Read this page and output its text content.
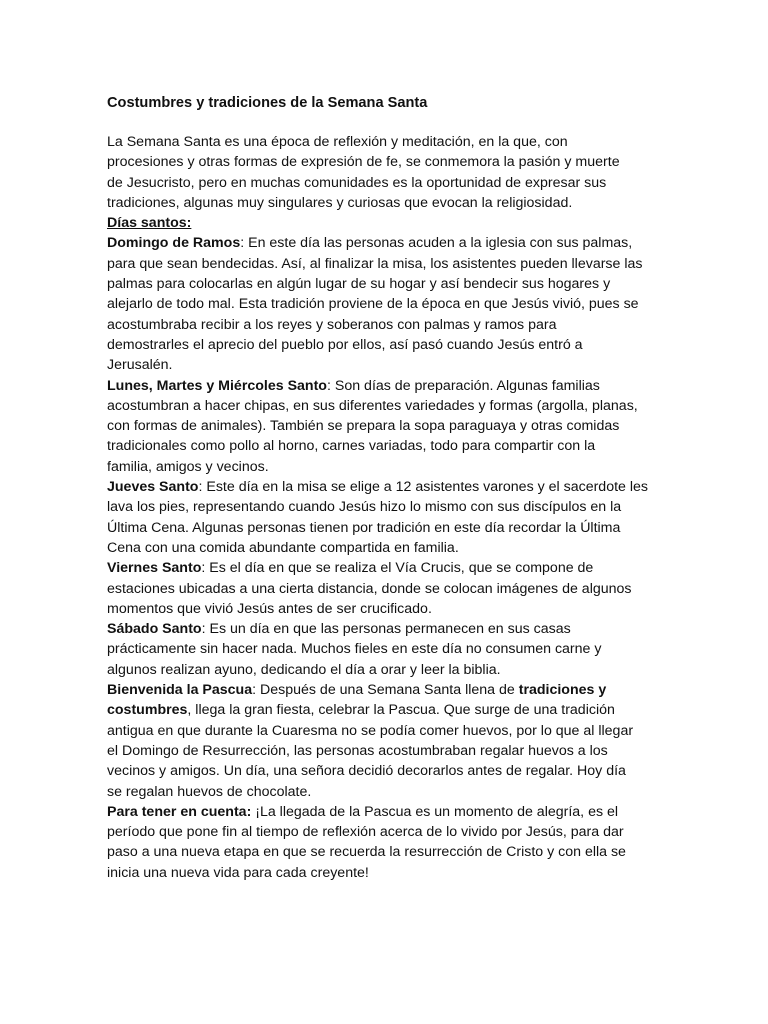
Costumbres y tradiciones de la Semana Santa
La Semana Santa es una época de reflexión y meditación, en la que, con
procesiones y otras formas de expresión de fe, se conmemora la pasión y muerte
de Jesucristo, pero en muchas comunidades es la oportunidad de expresar sus
tradiciones, algunas muy singulares y curiosas que evocan la religiosidad.
Días santos:
Domingo de Ramos: En este día las personas acuden a la iglesia con sus palmas,
para que sean bendecidas. Así, al finalizar la misa, los asistentes pueden llevarse las
palmas para colocarlas en algún lugar de su hogar y así bendecir sus hogares y
alejarlo de todo mal. Esta tradición proviene de la época en que Jesús vivió, pues se
acostumbraba recibir a los reyes y soberanos con palmas y ramos para
demostrarles el aprecio del pueblo por ellos, así pasó cuando Jesús entró a
Jerusalén.
Lunes, Martes y Miércoles Santo: Son días de preparación. Algunas familias
acostumbran a hacer chipas, en sus diferentes variedades y formas (argolla, planas,
con formas de animales). También se prepara la sopa paraguaya y otras comidas
tradicionales como pollo al horno, carnes variadas, todo para compartir con la
familia, amigos y vecinos.
Jueves Santo: Este día en la misa se elige a 12 asistentes varones y el sacerdote les
lava los pies, representando cuando Jesús hizo lo mismo con sus discípulos en la
Última Cena. Algunas personas tienen por tradición en este día recordar la Última
Cena con una comida abundante compartida en familia.
Viernes Santo: Es el día en que se realiza el Vía Crucis, que se compone de
estaciones ubicadas a una cierta distancia, donde se colocan imágenes de algunos
momentos que vivió Jesús antes de ser crucificado.
Sábado Santo: Es un día en que las personas permanecen en sus casas
prácticamente sin hacer nada. Muchos fieles en este día no consumen carne y
algunos realizan ayuno, dedicando el día a orar y leer la biblia.
Bienvenida la Pascua: Después de una Semana Santa llena de tradiciones y
costumbres, llega la gran fiesta, celebrar la Pascua. Que surge de una tradición
antigua en que durante la Cuaresma no se podía comer huevos, por lo que al llegar
el Domingo de Resurrección, las personas acostumbraban regalar huevos a los
vecinos y amigos. Un día, una señora decidió decorarlos antes de regalar. Hoy día
se regalan huevos de chocolate.
Para tener en cuenta: ¡La llegada de la Pascua es un momento de alegría, es el
período que pone fin al tiempo de reflexión acerca de lo vivido por Jesús, para dar
paso a una nueva etapa en que se recuerda la resurrección de Cristo y con ella se
inicia una nueva vida para cada creyente!
